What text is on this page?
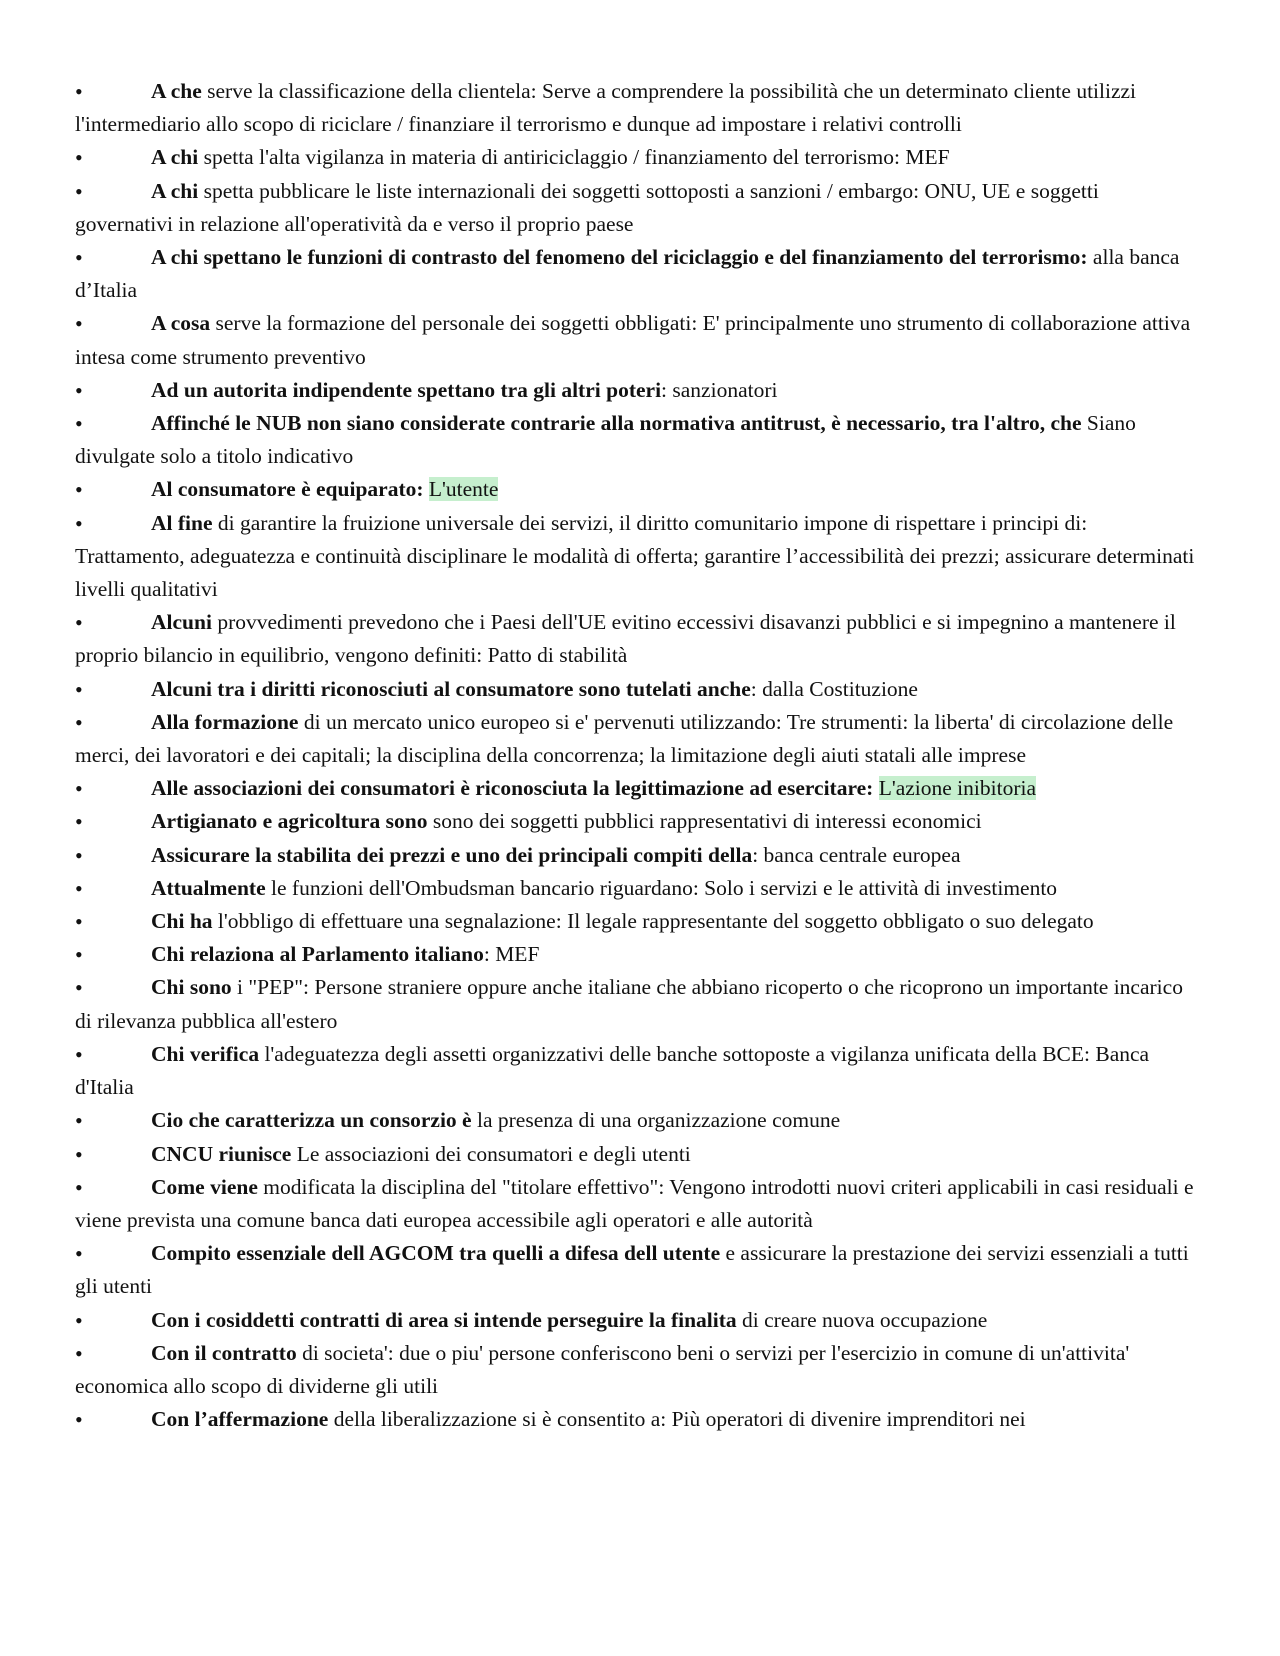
•	A che serve la classificazione della clientela: Serve a comprendere la possibilità che un determinato cliente utilizzi l'intermediario allo scopo di riciclare / finanziare il terrorismo e dunque ad impostare i relativi controlli
•	A chi spetta l'alta vigilanza in materia di antiriciclaggio / finanziamento del terrorismo: MEF
•	A chi spetta pubblicare le liste internazionali dei soggetti sottoposti a sanzioni / embargo: ONU, UE e soggetti governativi in relazione all'operatività da e verso il proprio paese
•	A chi spettano le funzioni di contrasto del fenomeno del riciclaggio e del finanziamento del terrorismo: alla banca d’Italia
•	A cosa serve la formazione del personale dei soggetti obbligati: E' principalmente uno strumento di collaborazione attiva intesa come strumento preventivo
•	Ad un autorita indipendente spettano tra gli altri poteri: sanzionatori
•	Affinché le NUB non siano considerate contrarie alla normativa antitrust, è necessario, tra l'altro, che Siano divulgate solo a titolo indicativo
•	Al consumatore è equiparato: L'utente
•	Al fine di garantire la fruizione universale dei servizi, il diritto comunitario impone di rispettare i principi di: Trattamento, adeguatezza e continuità disciplinare le modalità di offerta; garantire l’accessibilità dei prezzi; assicurare determinati livelli qualitativi
•	Alcuni provvedimenti prevedono che i Paesi dell'UE evitino eccessivi disavanzi pubblici e si impegnino a mantenere il proprio bilancio in equilibrio, vengono definiti: Patto di stabilità
•	Alcuni tra i diritti riconosciuti al consumatore sono tutelati anche: dalla Costituzione
•	Alla formazione di un mercato unico europeo si e' pervenuti utilizzando: Tre strumenti: la liberta' di circolazione delle merci, dei lavoratori e dei capitali; la disciplina della concorrenza; la limitazione degli aiuti statali alle imprese
•	Alle associazioni dei consumatori è riconosciuta la legittimazione ad esercitare: L'azione inibitoria
•	Artigianato e agricoltura sono sono dei soggetti pubblici rappresentativi di interessi economici
•	Assicurare la stabilita dei prezzi e uno dei principali compiti della: banca centrale europea
•	Attualmente le funzioni dell'Ombudsman bancario riguardano: Solo i servizi e le attività di investimento
•	Chi ha l'obbligo di effettuare una segnalazione: Il legale rappresentante del soggetto obbligato o suo delegato
•	Chi relaziona al Parlamento italiano: MEF
•	Chi sono i "PEP": Persone straniere oppure anche italiane che abbiano ricoperto o che ricoprono un importante incarico di rilevanza pubblica all'estero
•	Chi verifica l'adeguatezza degli assetti organizzativi delle banche sottoposte a vigilanza unificata della BCE: Banca d'Italia
•	Cio che caratterizza un consorzio è la presenza di una organizzazione comune
•	CNCU riunisce Le associazioni dei consumatori e degli utenti
•	Come viene modificata la disciplina del "titolare effettivo": Vengono introdotti nuovi criteri applicabili in casi residuali e viene prevista una comune banca dati europea accessibile agli operatori e alle autorità
•	Compito essenziale dell AGCOM tra quelli a difesa dell utente e assicurare la prestazione dei servizi essenziali a tutti gli utenti
•	Con i cosiddetti contratti di area si intende perseguire la finalita di creare nuova occupazione
•	Con il contratto di societa': due o piu' persone conferiscono beni o servizi per l'esercizio in comune di un'attivita' economica allo scopo di dividerne gli utili
•	Con l’affermazione della liberalizzazione si è consentito a: Più operatori di divenire imprenditori nei
